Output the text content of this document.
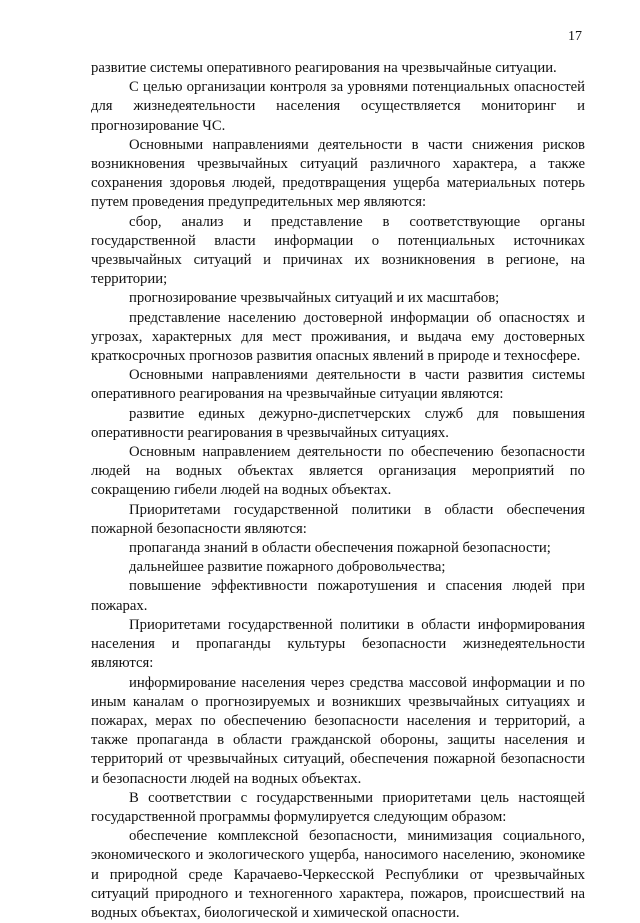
17

развитие системы оперативного реагирования на чрезвычайные ситуации.

С целью организации контроля за уровнями потенциальных опасностей для жизнедеятельности населения осуществляется мониторинг и прогнозирование ЧС.

Основными направлениями деятельности в части снижения рисков возникновения чрезвычайных ситуаций различного характера, а также сохранения здоровья людей, предотвращения ущерба материальных потерь путем проведения предупредительных мер являются:

сбор, анализ и представление в соответствующие органы государственной власти информации о потенциальных источниках чрезвычайных ситуаций и причинах их возникновения в регионе, на территории;

прогнозирование чрезвычайных ситуаций и их масштабов;

представление населению достоверной информации об опасностях и угрозах, характерных для мест проживания, и выдача ему достоверных краткосрочных прогнозов развития опасных явлений в природе и техносфере.

Основными направлениями деятельности в части развития системы оперативного реагирования на чрезвычайные ситуации являются:

развитие единых дежурно-диспетчерских служб для повышения оперативности реагирования в чрезвычайных ситуациях.

Основным направлением деятельности по обеспечению безопасности людей на водных объектах является организация мероприятий по сокращению гибели людей на водных объектах.

Приоритетами государственной политики в области обеспечения пожарной безопасности являются:

пропаганда знаний в области обеспечения пожарной безопасности;

дальнейшее развитие пожарного добровольчества;

повышение эффективности пожаротушения и спасения людей при пожарах.

Приоритетами государственной политики в области информирования населения и пропаганды культуры безопасности жизнедеятельности являются:

информирование населения через средства массовой информации и по иным каналам о прогнозируемых и возникших чрезвычайных ситуациях и пожарах, мерах по обеспечению безопасности населения и территорий, а также пропаганда в области гражданской обороны, защиты населения и территорий от чрезвычайных ситуаций, обеспечения пожарной безопасности и безопасности людей на водных объектах.

В соответствии с государственными приоритетами цель настоящей государственной программы формулируется следующим образом:

обеспечение комплексной безопасности, минимизация социального, экономического и экологического ущерба, наносимого населению, экономике и природной среде Карачаево-Черкесской Республики от чрезвычайных ситуаций природного и техногенного характера, пожаров, происшествий на водных объектах, биологической и химической опасности.
